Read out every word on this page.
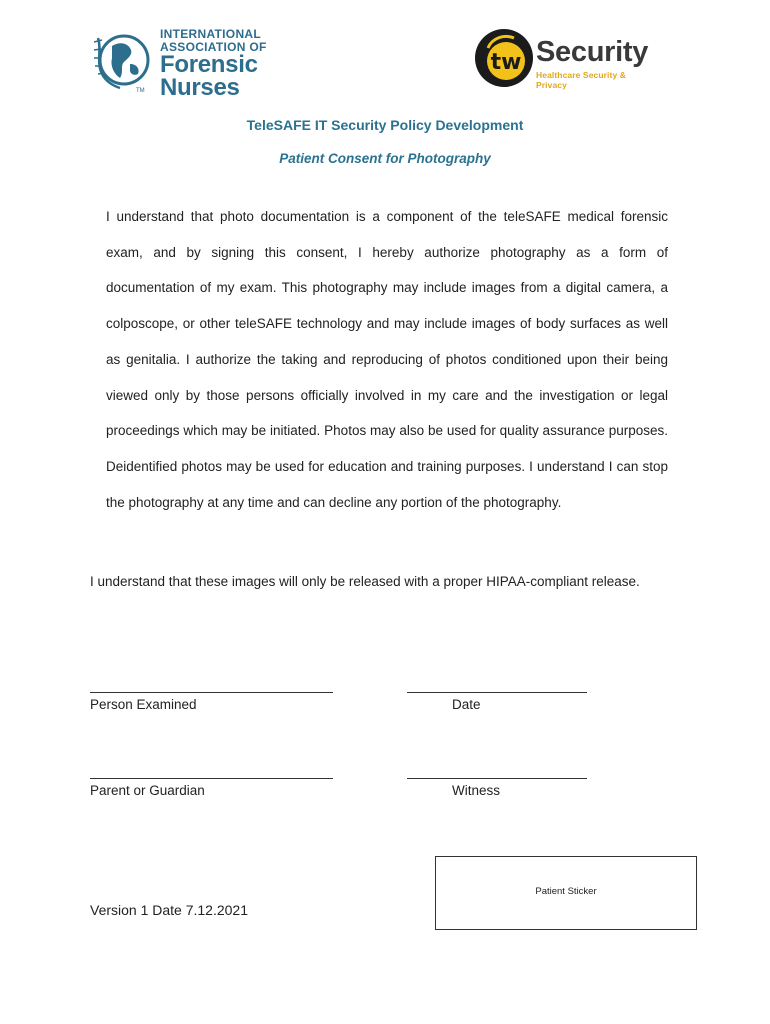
INTERNATIONAL
ASSOCIATION OF
Forensic
Nurses
TM
tw Security
Healthcare Security & Privacy
TeleSAFE IT Security Policy Development
Patient Consent for Photography
I understand that photo documentation is a component of the teleSAFE medical forensic exam, and by signing this consent, I hereby authorize photography as a form of documentation of my exam. This photography may include images from a digital camera, a colposcope, or other teleSAFE technology and may include images of body surfaces as well as genitalia. I authorize the taking and reproducing of photos conditioned upon their being viewed only by those persons officially involved in my care and the investigation or legal proceedings which may be initiated. Photos may also be used for quality assurance purposes. Deidentified photos may be used for education and training purposes. I understand I can stop the photography at any time and can decline any portion of the photography.
I understand that these images will only be released with a proper HIPAA-compliant release.
Person Examined	Date
Parent or Guardian	Witness
Patient Sticker
Version 1 Date 7.12.2021
